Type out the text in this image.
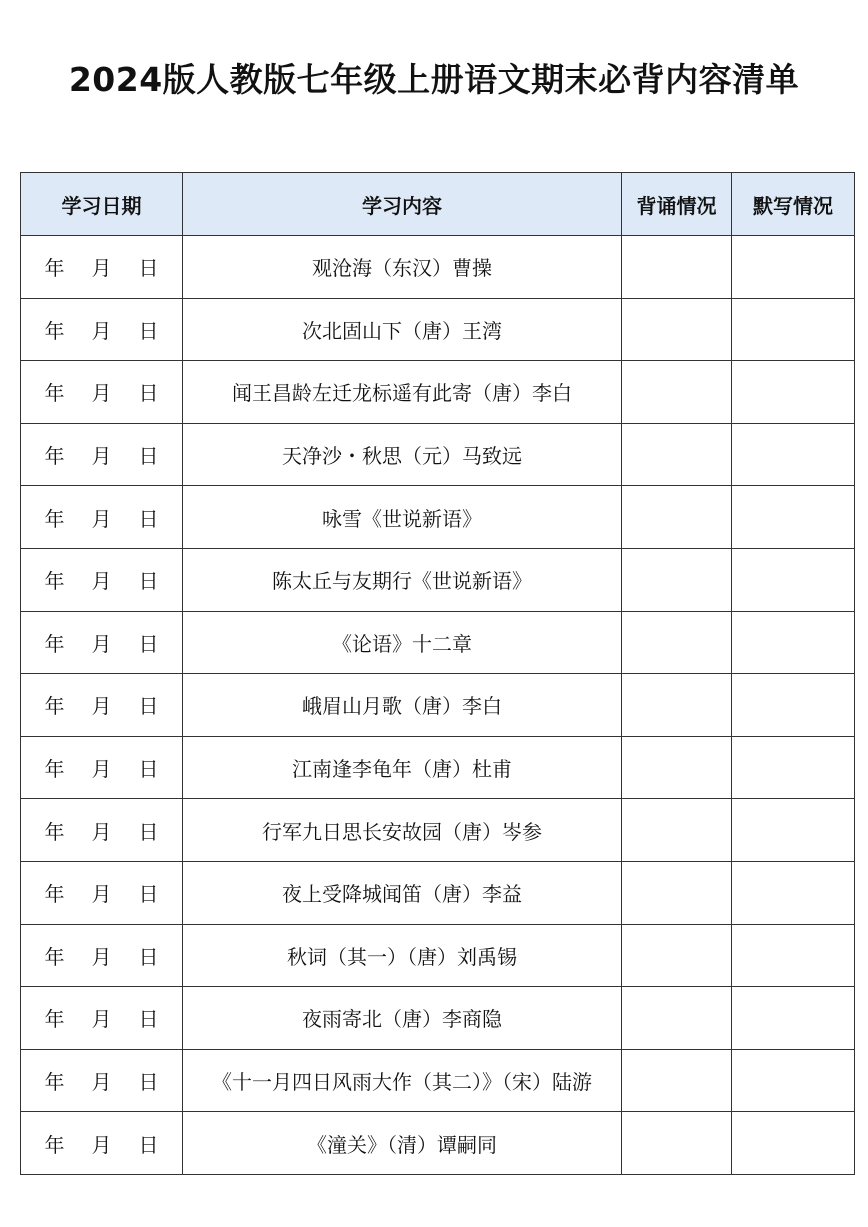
2024版人教版七年级上册语文期末必背内容清单
学习日期	学习内容	背诵情况	默写情况

年 月 日	观沧海（东汉）曹操		

年 月 日	次北固山下（唐）王湾		

年 月 日	闻王昌龄左迁龙标遥有此寄（唐）李白		

年 月 日	天净沙・秋思（元）马致远		

年 月 日	咏雪《世说新语》		

年 月 日	陈太丘与友期行《世说新语》		

年 月 日	《论语》十二章		

年 月 日	峨眉山月歌（唐）李白		

年 月 日	江南逢李龟年（唐）杜甫		

年 月 日	行军九日思长安故园（唐）岑参		

年 月 日	夜上受降城闻笛（唐）李益		

年 月 日	秋词（其一）（唐）刘禹锡		

年 月 日	夜雨寄北（唐）李商隐		

年 月 日	《十一月四日风雨大作（其二）》（宋）陆游		

年 月 日	《潼关》（清）谭嗣同		
